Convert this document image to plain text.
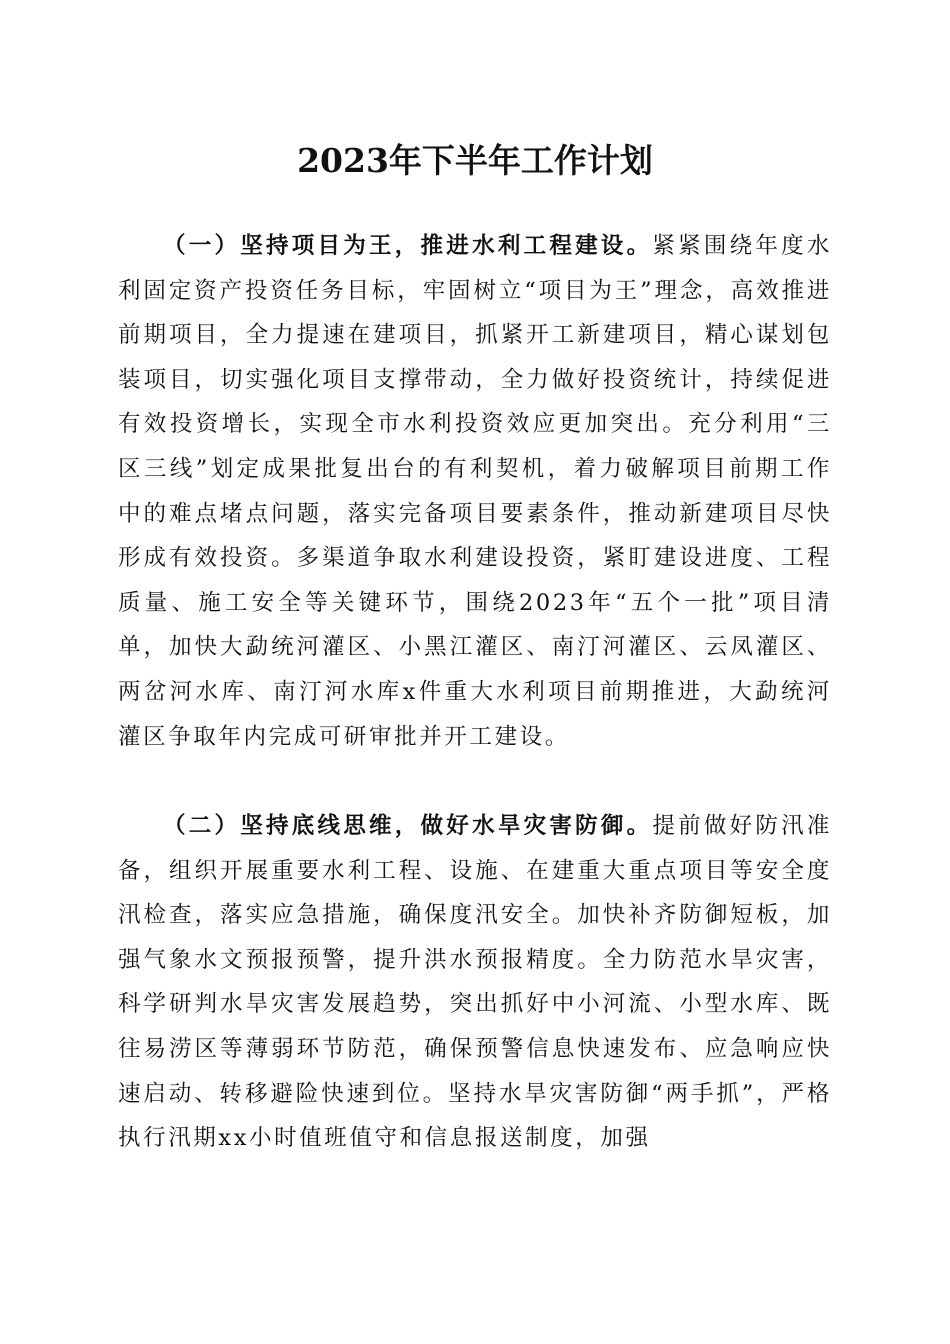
2023年下半年工作计划

（一）坚持项目为王，推进水利工程建设。紧紧围绕年度水利固定资产投资任务目标，牢固树立“项目为王”理念，高效推进前期项目，全力提速在建项目，抓紧开工新建项目，精心谋划包装项目，切实强化项目支撑带动，全力做好投资统计，持续促进有效投资增长，实现全市水利投资效应更加突出。充分利用“三区三线”划定成果批复出台的有利契机，着力破解项目前期工作中的难点堵点问题，落实完备项目要素条件，推动新建项目尽快形成有效投资。多渠道争取水利建设投资，紧盯建设进度、工程质量、施工安全等关键环节，围绕2023年“五个一批”项目清单，加快大勐统河灌区、小黑江灌区、南汀河灌区、云凤灌区、两岔河水库、南汀河水库x件重大水利项目前期推进，大勐统河灌区争取年内完成可研审批并开工建设。

（二）坚持底线思维，做好水旱灾害防御。提前做好防汛准备，组织开展重要水利工程、设施、在建重大重点项目等安全度汛检查，落实应急措施，确保度汛安全。加快补齐防御短板，加强气象水文预报预警，提升洪水预报精度。全力防范水旱灾害，科学研判水旱灾害发展趋势，突出抓好中小河流、小型水库、既往易涝区等薄弱环节防范，确保预警信息快速发布、应急响应快速启动、转移避险快速到位。坚持水旱灾害防御“两手抓”，严格执行汛期xx小时值班值守和信息报送制度，加强
